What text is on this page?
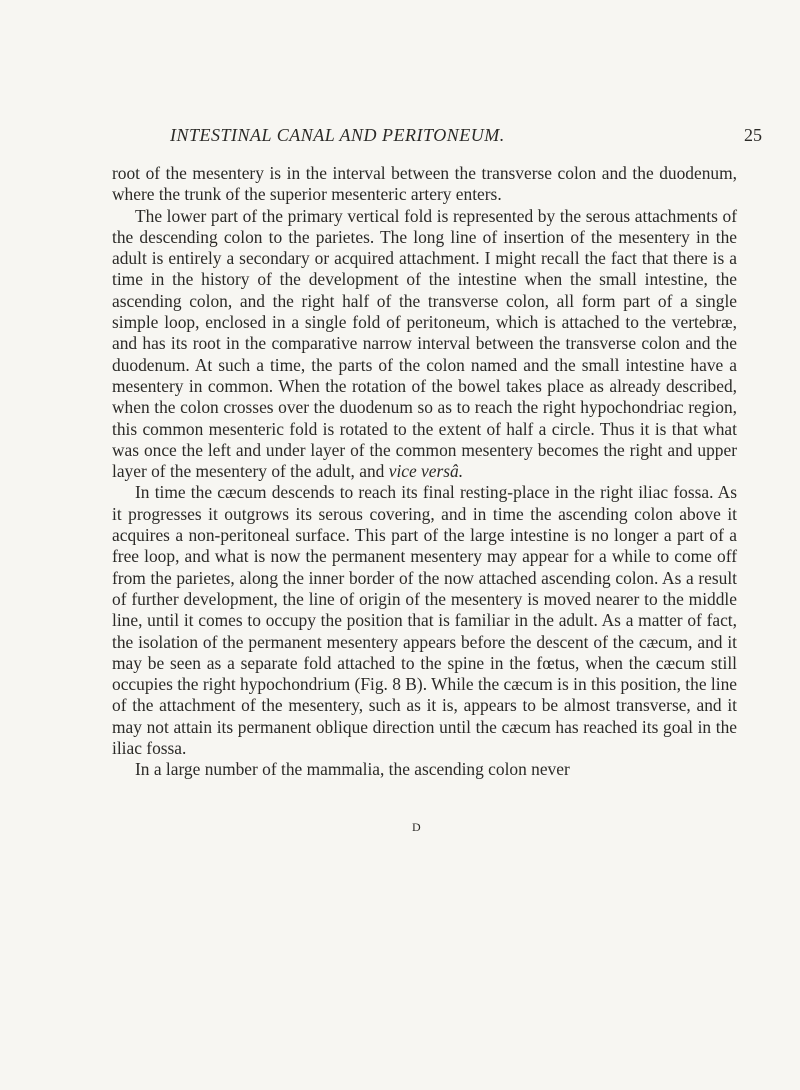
INTESTINAL CANAL AND PERITONEUM.	25

root of the mesentery is in the interval between the transverse colon and the duodenum, where the trunk of the superior mesenteric artery enters.

The lower part of the primary vertical fold is represented by the serous attachments of the descending colon to the parietes. The long line of insertion of the mesentery in the adult is entirely a secondary or acquired attachment. I might recall the fact that there is a time in the history of the development of the intestine when the small intestine, the ascending colon, and the right half of the transverse colon, all form part of a single simple loop, enclosed in a single fold of peritoneum, which is attached to the vertebræ, and has its root in the comparative narrow interval between the transverse colon and the duodenum. At such a time, the parts of the colon named and the small intestine have a mesentery in common. When the rotation of the bowel takes place as already described, when the colon crosses over the duodenum so as to reach the right hypochondriac region, this common mesenteric fold is rotated to the extent of half a circle. Thus it is that what was once the left and under layer of the common mesentery becomes the right and upper layer of the mesentery of the adult, and vice versâ.

In time the cæcum descends to reach its final resting-place in the right iliac fossa. As it progresses it outgrows its serous covering, and in time the ascending colon above it acquires a non-peritoneal surface. This part of the large intestine is no longer a part of a free loop, and what is now the permanent mesentery may appear for a while to come off from the parietes, along the inner border of the now attached ascending colon. As a result of further development, the line of origin of the mesentery is moved nearer to the middle line, until it comes to occupy the position that is familiar in the adult. As a matter of fact, the isolation of the permanent mesentery appears before the descent of the cæcum, and it may be seen as a separate fold attached to the spine in the fœtus, when the cæcum still occupies the right hypochondrium (Fig. 8 B). While the cæcum is in this position, the line of the attachment of the mesentery, such as it is, appears to be almost transverse, and it may not attain its permanent oblique direction until the cæcum has reached its goal in the iliac fossa.

In a large number of the mammalia, the ascending colon never

D
